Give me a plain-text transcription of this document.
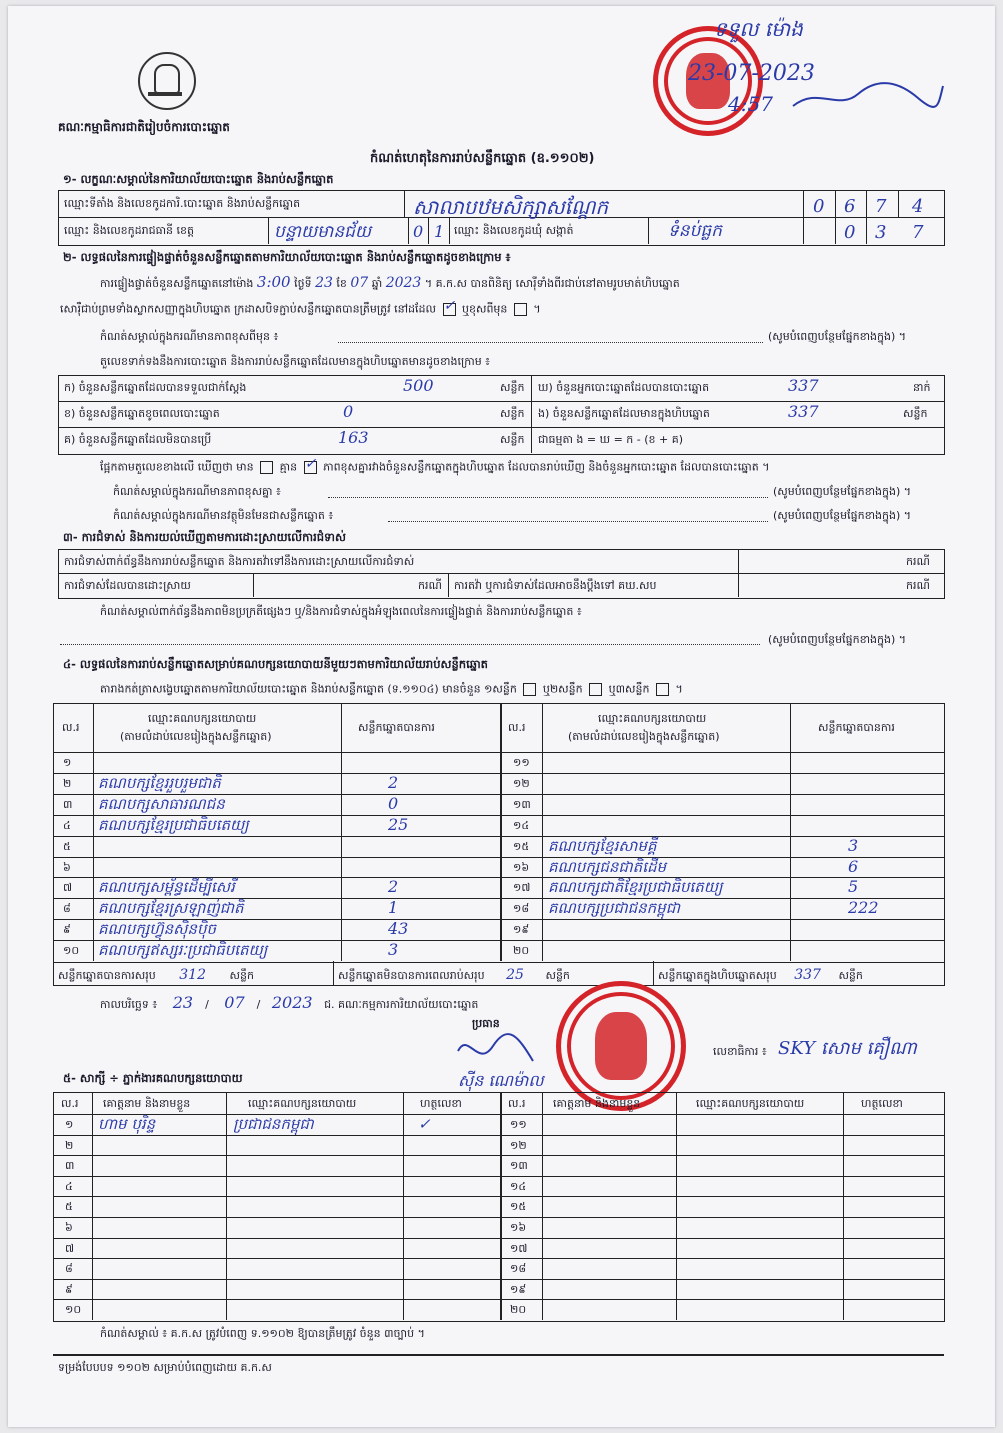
គណៈកម្មាធិការជាតិរៀបចំការបោះឆ្នោត
ទទួល ម៉ោង
23-07-2023
4:57
កំណត់ហេតុនៃការរាប់សន្លឹកឆ្នោត (ឧ.១១០២)
១- លក្ខណៈសម្គាល់នៃការិយាល័យបោះឆ្នោត និងរាប់សន្លឹកឆ្នោត
ឈ្មោះទីតាំង និងលេខកូដការិ.បោះឆ្នោត និងរាប់សន្លឹកឆ្នោត	សាលាបឋមសិក្សាសណ្ដែក	0 6 7 4
ឈ្មោះ និងលេខកូដរាជធានី ខេត្ត	បន្ទាយមានជ័យ	0 1 ឈ្មោះ និងលេខកូដឃុំ សង្កាត់	ទំនប់ធ្លក	0 3 7
២- លទ្ធផលនៃការផ្ទៀងផ្ទាត់ចំនួនសន្លឹកឆ្នោតតាមការិយាល័យបោះឆ្នោត និងរាប់សន្លឹកឆ្នោតដូចខាងក្រោម ៖
ការផ្ទៀងផ្ទាត់ចំនួនសន្លឹកឆ្នោតនៅម៉ោង 3:00 ថ្ងៃទី 23 ខែ 07 ឆ្នាំ 2023 ។ គ.ក.ស បានពិនិត្យ សោរ៉ឺទាំងពីរជាប់នៅតាមរូបមាត់ហិបឆ្នោត
សោរ៉ឺជាប់ព្រមទាំងស្លាកសញ្ញាក្នុងហិបឆ្នោត ក្រដាសបិទភ្ជាប់សន្លឹកឆ្នោតបានត្រឹមត្រូវ នៅដដែល ✓ ឬខុសពីមុន ។
កំណត់សម្គាល់ក្នុងករណីមានភាពខុសពីមុន ៖	(សូមបំពេញបន្ថែមផ្នែកខាងក្នុង) ។
តួលេខទាក់ទងនឹងការបោះឆ្នោត និងការរាប់សន្លឹកឆ្នោតដែលមានក្នុងហិបឆ្នោតមានដូចខាងក្រោម ៖
ក) ចំនួនសន្លឹកឆ្នោតដែលបានទទួលជាក់ស្តែង	500	សន្លឹក ឃ) ចំនួនអ្នកបោះឆ្នោតដែលបានបោះឆ្នោត	337	នាក់
ខ) ចំនួនសន្លឹកឆ្នោតខូចពេលបោះឆ្នោត	0	សន្លឹក ង) ចំនួនសន្លឹកឆ្នោតដែលមានក្នុងហិបឆ្នោត	337	សន្លឹក
គ) ចំនួនសន្លឹកឆ្នោតដែលមិនបានប្រើ	163	សន្លឹក ជាធម្មតា ង = ឃ = ក - (ខ + គ)
ផ្អែកតាមតួលេខខាងលើ ឃើញថា មាន គ្មាន ✓ ភាពខុសគ្នារវាងចំនួនសន្លឹកឆ្នោតក្នុងហិបឆ្នោត ដែលបានរាប់ឃើញ និងចំនួនអ្នកបោះឆ្នោត ដែលបានបោះឆ្នោត ។
កំណត់សម្គាល់ក្នុងករណីមានភាពខុសគ្នា ៖	(សូមបំពេញបន្ថែមផ្នែកខាងក្នុង) ។
កំណត់សម្គាល់ក្នុងករណីមានវត្ថុមិនមែនជាសន្លឹកឆ្នោត ៖	(សូមបំពេញបន្ថែមផ្នែកខាងក្នុង) ។
៣- ការជំទាស់ និងការយល់ឃើញតាមការដោះស្រាយលើការជំទាស់
ការជំទាស់ពាក់ព័ន្ធនឹងការរាប់សន្លឹកឆ្នោត និងការតវ៉ាទៅនឹងការដោះស្រាយលើការជំទាស់	ករណី
ការជំទាស់ដែលបានដោះស្រាយ	ករណី ការតវ៉ា ឬការជំទាស់ដែលអាចនឹងប្តឹងទៅ គឃ.សប	ករណី
កំណត់សម្គាល់ពាក់ព័ន្ធនឹងភាពមិនប្រក្រតីផ្សេងៗ ឬ/និងការជំទាស់ក្នុងអំឡុងពេលនៃការផ្ទៀងផ្ទាត់ និងការរាប់សន្លឹកឆ្នោត ៖
(សូមបំពេញបន្ថែមផ្នែកខាងក្នុង) ។
៤- លទ្ធផលនៃការរាប់សន្លឹកឆ្នោតសម្រាប់គណបក្សនយោបាយនីមួយៗតាមការិយាល័យរាប់សន្លឹកឆ្នោត
តារាងកត់ត្រាសង្ខេបឆ្នោតតាមការិយាល័យបោះឆ្នោត និងរាប់សន្លឹកឆ្នោត (ទ.១១០៤) មានចំនួន ១សន្លឹក ឬ២សន្លឹក ឬ៣សន្លឹក ។
ល.រ
ឈ្មោះគណបក្សនយោបាយ
(តាមលំដាប់លេខរៀងក្នុងសន្លឹកឆ្នោត)
សន្លឹកឆ្នោតបានការ	ល.រ
ឈ្មោះគណបក្សនយោបាយ
(តាមលំដាប់លេខរៀងក្នុងសន្លឹកឆ្នោត)
សន្លឹកឆ្នោតបានការ
១
២ គណបក្សខ្មែររួបរួមជាតិ	2
៣ គណបក្សសាធារណជន	0
៤ គណបក្សខ្មែរប្រជាធិបតេយ្យ	25
៥
៦
៧ គណបក្សសម្ព័ន្ធដើម្បីសេរី	2
៨ គណបក្សខ្មែរស្រឡាញ់ជាតិ	1
៩ គណបក្សហ៊្វុនស៊ិនប៉ិច	43
១០ គណបក្សឥស្សរៈប្រជាធិបតេយ្យ	3
១១
១២
១៣
១៤
១៥ គណបក្សខ្មែរសាមគ្គី	3
១៦ គណបក្សជនជាតិដើម	6
១៧ គណបក្សជាតិខ្មែរប្រជាធិបតេយ្យ	5
១៨ គណបក្សប្រជាជនកម្ពុជា	222
១៩
២០
សន្លឹកឆ្នោតបានការសរុប 312 សន្លឹក	សន្លឹកឆ្នោតមិនបានការពេលរាប់សរុប 25 សន្លឹក	សន្លឹកឆ្នោតក្នុងហិបឆ្នោតសរុប 337 សន្លឹក
កាលបរិច្ឆេទ ៖ 23 / 07 / 2023 ជ. គណៈកម្មការការិយាល័យបោះឆ្នោត
ប្រធាន
ស៊ីន ណេម៉ាល
លេខាធិការ ៖ SKY សោម គឿណា
៥- សាក្សី ÷ ភ្នាក់ងារគណបក្សនយោបាយ
ល.រ គោត្តនាម និងនាមខ្លួន	ឈ្មោះគណបក្សនយោបាយ	ហត្ថលេខា	ល.រ	គោត្តនាម និងនាមខ្លួន	ឈ្មោះគណបក្សនយោបាយ	ហត្ថលេខា
១ ហាម បុរិន្ទ	ប្រជាជនកម្ពុជា	✓
២
៣
៤
៥
៦
៧
៨
៩
១០
១១
១២
១៣
១៤
១៥
១៦
១៧
១៨
១៩
២០
កំណត់សម្គាល់ ៖ គ.ក.ស ត្រូវបំពេញ ទ.១១០២ ឱ្យបានត្រឹមត្រូវ ចំនួន ៣ច្បាប់ ។
ទម្រង់បែបបទ ១១០២ សម្រាប់បំពេញដោយ គ.ក.ស
